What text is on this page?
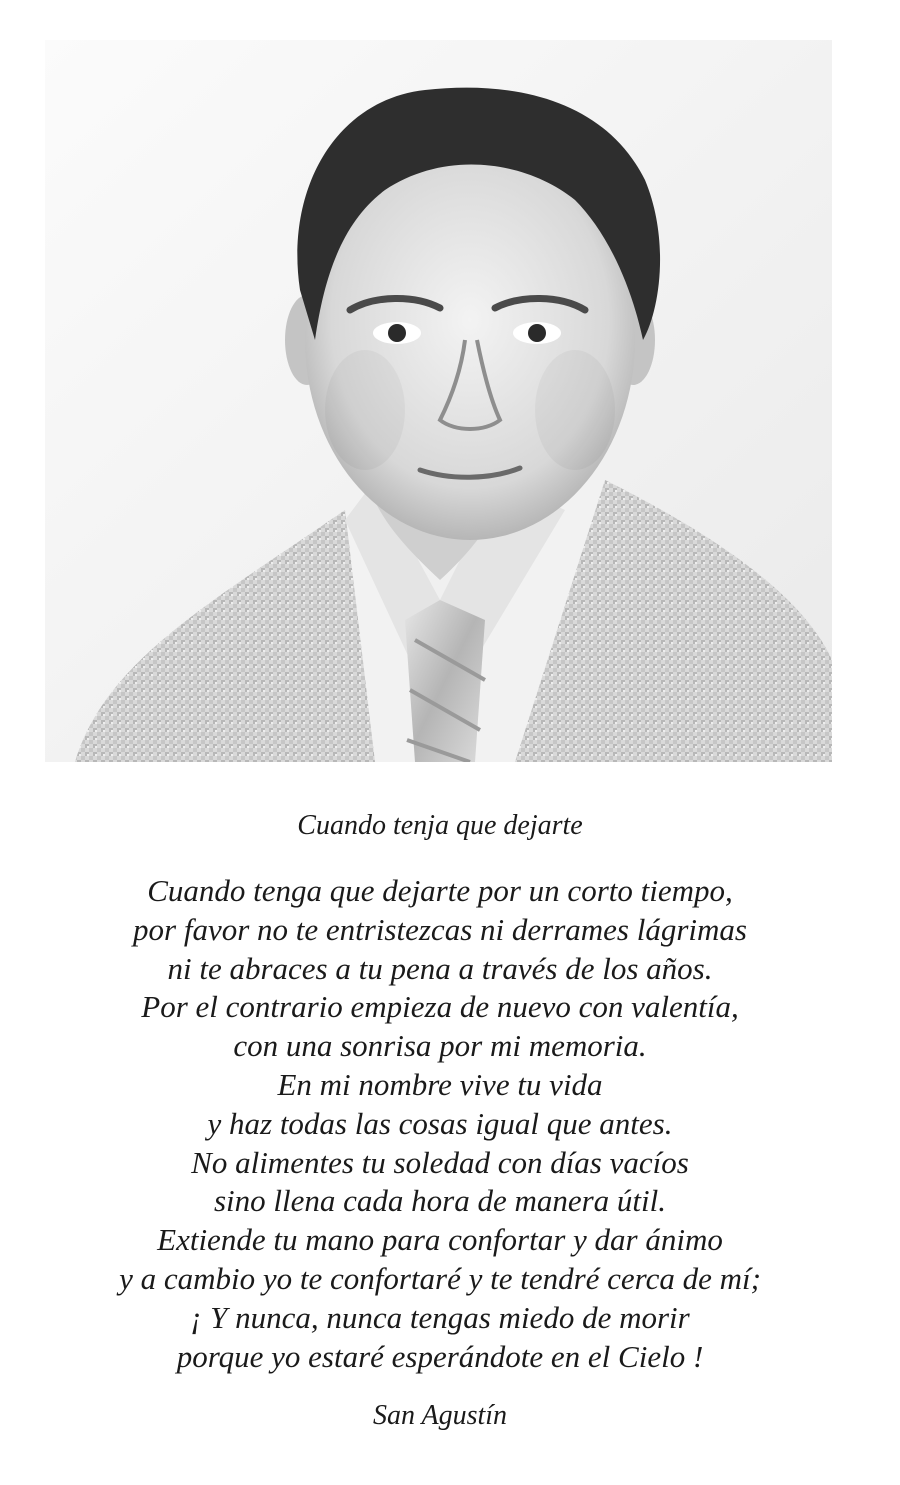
Cuando tenja que dejarte
Cuando tenga que dejarte por un corto tiempo,
por favor no te entristezcas ni derrames lágrimas
ni te abraces a tu pena a través de los años.
Por el contrario empieza de nuevo con valentía,
con una sonrisa por mi memoria.
En mi nombre vive tu vida
y haz todas las cosas igual que antes.
No alimentes tu soledad con días vacíos
sino llena cada hora de manera útil.
Extiende tu mano para confortar y dar ánimo
y a cambio yo te confortaré y te tendré cerca de mí;
¡ Y nunca, nunca tengas miedo de morir
porque yo estaré esperándote en el Cielo !
San Agustín
